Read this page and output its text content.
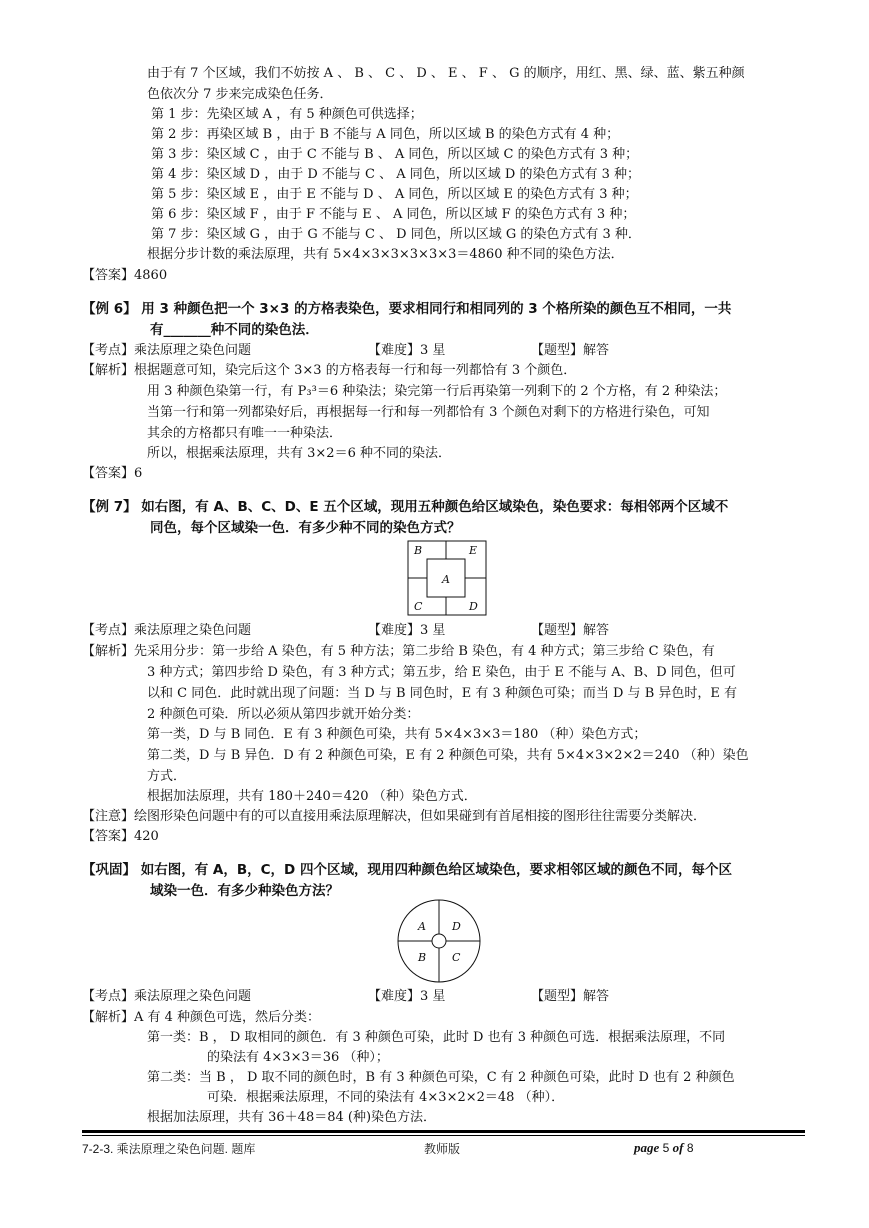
由于有 7 个区域，我们不妨按 A 、 B 、 C 、 D 、 E 、 F 、 G 的顺序，用红、黑、绿、蓝、紫五种颜
色依次分 7 步来完成染色任务．
第 1 步：先染区域 A ，有 5 种颜色可供选择；
第 2 步：再染区域 B ，由于 B 不能与 A 同色，所以区域 B 的染色方式有 4 种；
第 3 步：染区域 C ，由于 C 不能与 B 、 A 同色，所以区域 C 的染色方式有 3 种；
第 4 步：染区域 D ，由于 D 不能与 C 、 A 同色，所以区域 D 的染色方式有 3 种；
第 5 步：染区域 E ，由于 E 不能与 D 、 A 同色，所以区域 E 的染色方式有 3 种；
第 6 步：染区域 F ，由于 F 不能与 E 、 A 同色，所以区域 F 的染色方式有 3 种；
第 7 步：染区域 G ，由于 G 不能与 C 、 D 同色，所以区域 G 的染色方式有 3 种．
根据分步计数的乘法原理，共有 5×4×3×3×3×3×3＝4860 种不同的染色方法．
【答案】4860
【例 6】 用 3 种颜色把一个 3×3 的方格表染色，要求相同行和相同列的 3 个格所染的颜色互不相同，一共
有_______种不同的染色法．
【考点】乘法原理之染色问题	【难度】3 星	【题型】解答
【解析】根据题意可知，染完后这个 3×3 的方格表每一行和每一列都恰有 3 个颜色．
用 3 种颜色染第一行，有 P₃³＝6 种染法；染完第一行后再染第一列剩下的 2 个方格，有 2 种染法；
当第一行和第一列都染好后，再根据每一行和每一列都恰有 3 个颜色对剩下的方格进行染色，可知
其余的方格都只有唯一一种染法．
所以，根据乘法原理，共有 3×2＝6 种不同的染法．
【答案】6
【例 7】 如右图，有 A、B、C、D、E 五个区域，现用五种颜色给区域染色，染色要求：每相邻两个区域不
同色，每个区域染一色．有多少种不同的染色方式？
B	E
A
C	D
【考点】乘法原理之染色问题	【难度】3 星	【题型】解答
【解析】先采用分步：第一步给 A 染色，有 5 种方法；第二步给 B 染色，有 4 种方式；第三步给 C 染色，有
3 种方式；第四步给 D 染色，有 3 种方式；第五步，给 E 染色，由于 E 不能与 A、B、D 同色，但可
以和 C 同色．此时就出现了问题：当 D 与 B 同色时，E 有 3 种颜色可染；而当 D 与 B 异色时，E 有
2 种颜色可染．所以必须从第四步就开始分类：
第一类，D 与 B 同色．E 有 3 种颜色可染，共有 5×4×3×3＝180 （种）染色方式；
第二类，D 与 B 异色．D 有 2 种颜色可染，E 有 2 种颜色可染，共有 5×4×3×2×2＝240 （种）染色
方式．
根据加法原理，共有 180＋240＝420 （种）染色方式．
【注意】绘图形染色问题中有的可以直接用乘法原理解决，但如果碰到有首尾相接的图形往往需要分类解决．
【答案】420
【巩固】 如右图，有 A，B，C，D 四个区域，现用四种颜色给区域染色，要求相邻区域的颜色不同，每个区
域染一色．有多少种染色方法？
A D
B C
【考点】乘法原理之染色问题	【难度】3 星	【题型】解答
【解析】A 有 4 种颜色可选，然后分类：
第一类：B ， D 取相同的颜色．有 3 种颜色可染，此时 D 也有 3 种颜色可选．根据乘法原理，不同
的染法有 4×3×3＝36 （种）；
第二类：当 B ， D 取不同的颜色时，B 有 3 种颜色可染，C 有 2 种颜色可染，此时 D 也有 2 种颜色
可染．根据乘法原理，不同的染法有 4×3×2×2＝48 （种）．
根据加法原理，共有 36＋48＝84 (种)染色方法．
7-2-3. 乘法原理之染色问题. 题库	教师版	page 5 of 8
